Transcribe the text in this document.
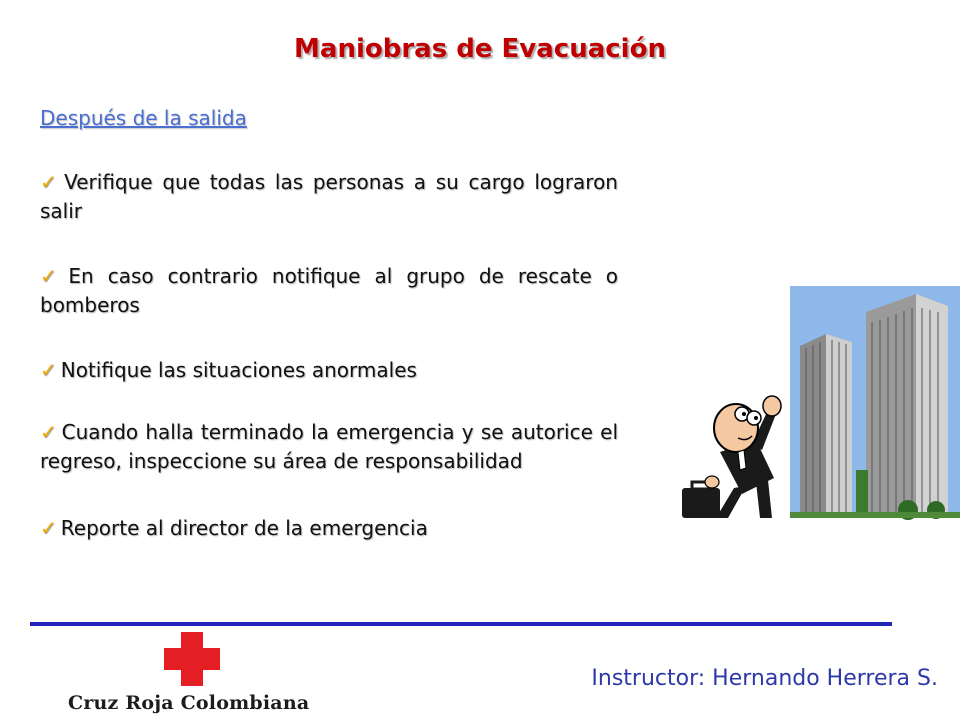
Maniobras de Evacuación
Después de la salida
✓ Verifique que todas las personas a su cargo lograron salir
✓ En caso contrario notifique al grupo de rescate o bomberos
✓ Notifique las situaciones anormales
✓ Cuando halla terminado la emergencia y se autorice el regreso, inspeccione su área de responsabilidad
✓ Reporte al director de la emergencia
Cruz Roja Colombiana
Instructor: Hernando Herrera S.
